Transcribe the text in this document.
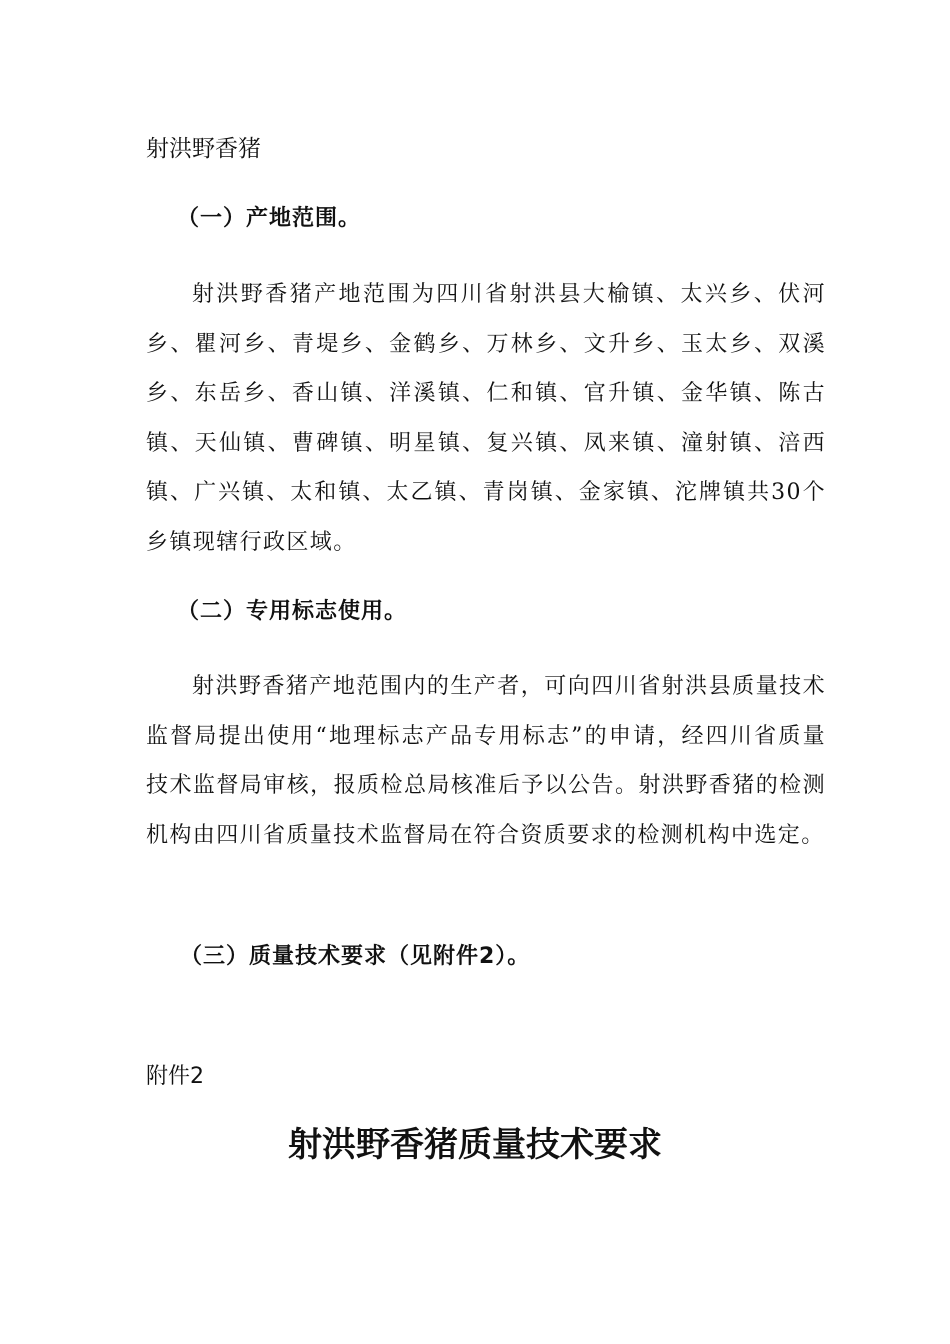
射洪野香猪
（一）产地范围。

射洪野香猪产地范围为四川省射洪县大榆镇、太兴乡、伏河乡、瞿河乡、青堤乡、金鹤乡、万林乡、文升乡、玉太乡、双溪乡、东岳乡、香山镇、洋溪镇、仁和镇、官升镇、金华镇、陈古镇、天仙镇、曹碑镇、明星镇、复兴镇、凤来镇、潼射镇、涪西镇、广兴镇、太和镇、太乙镇、青岗镇、金家镇、沱牌镇共30个乡镇现辖行政区域。

（二）专用标志使用。

射洪野香猪产地范围内的生产者，可向四川省射洪县质量技术监督局提出使用“地理标志产品专用标志”的申请，经四川省质量技术监督局审核，报质检总局核准后予以公告。射洪野香猪的检测机构由四川省质量技术监督局在符合资质要求的检测机构中选定。

（三）质量技术要求（见附件2）。
附件2
射洪野香猪质量技术要求
